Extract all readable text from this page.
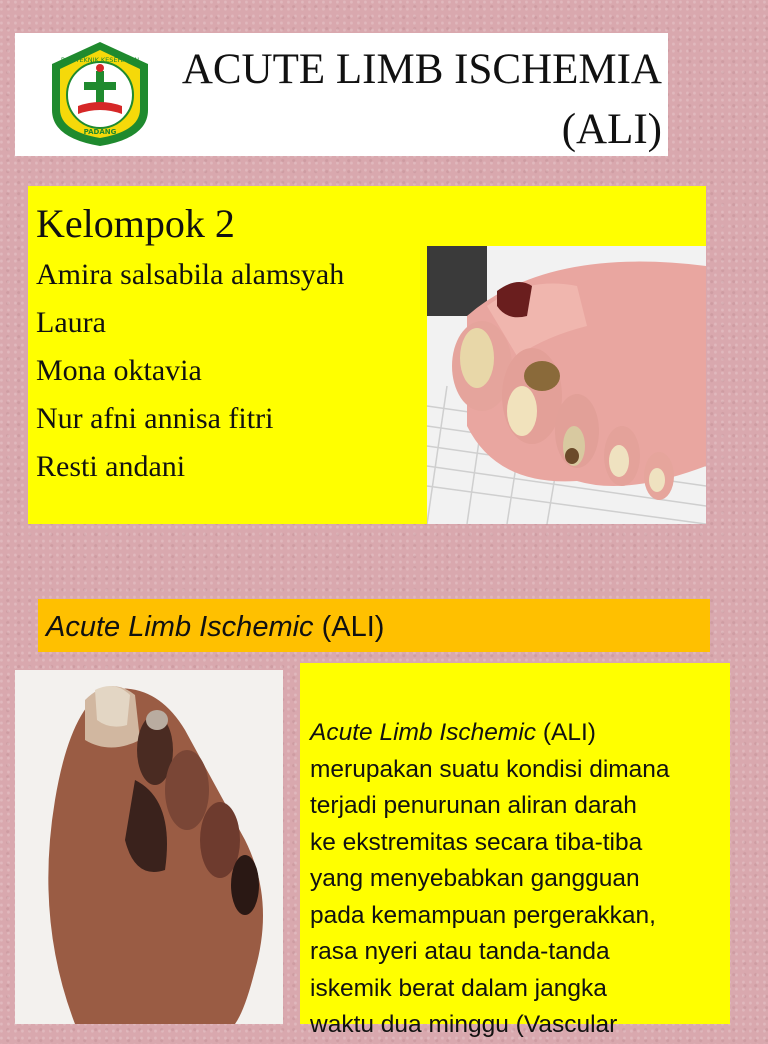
POLITEKNIK KESEHATAN
PADANG
ACUTE LIMB ISCHEMIA
(ALI)
Kelompok 2
Amira salsabila alamsyah
Laura
Mona oktavia
Nur afni annisa fitri
Resti andani
Acute Limb Ischemic (ALI)
Acute Limb Ischemic (ALI)
merupakan suatu kondisi dimana
terjadi penurunan aliran darah
ke ekstremitas secara tiba-tiba
yang menyebabkan gangguan
pada kemampuan pergerakkan,
rasa nyeri atau tanda-tanda
iskemik berat dalam jangka
waktu dua minggu (Vascular
